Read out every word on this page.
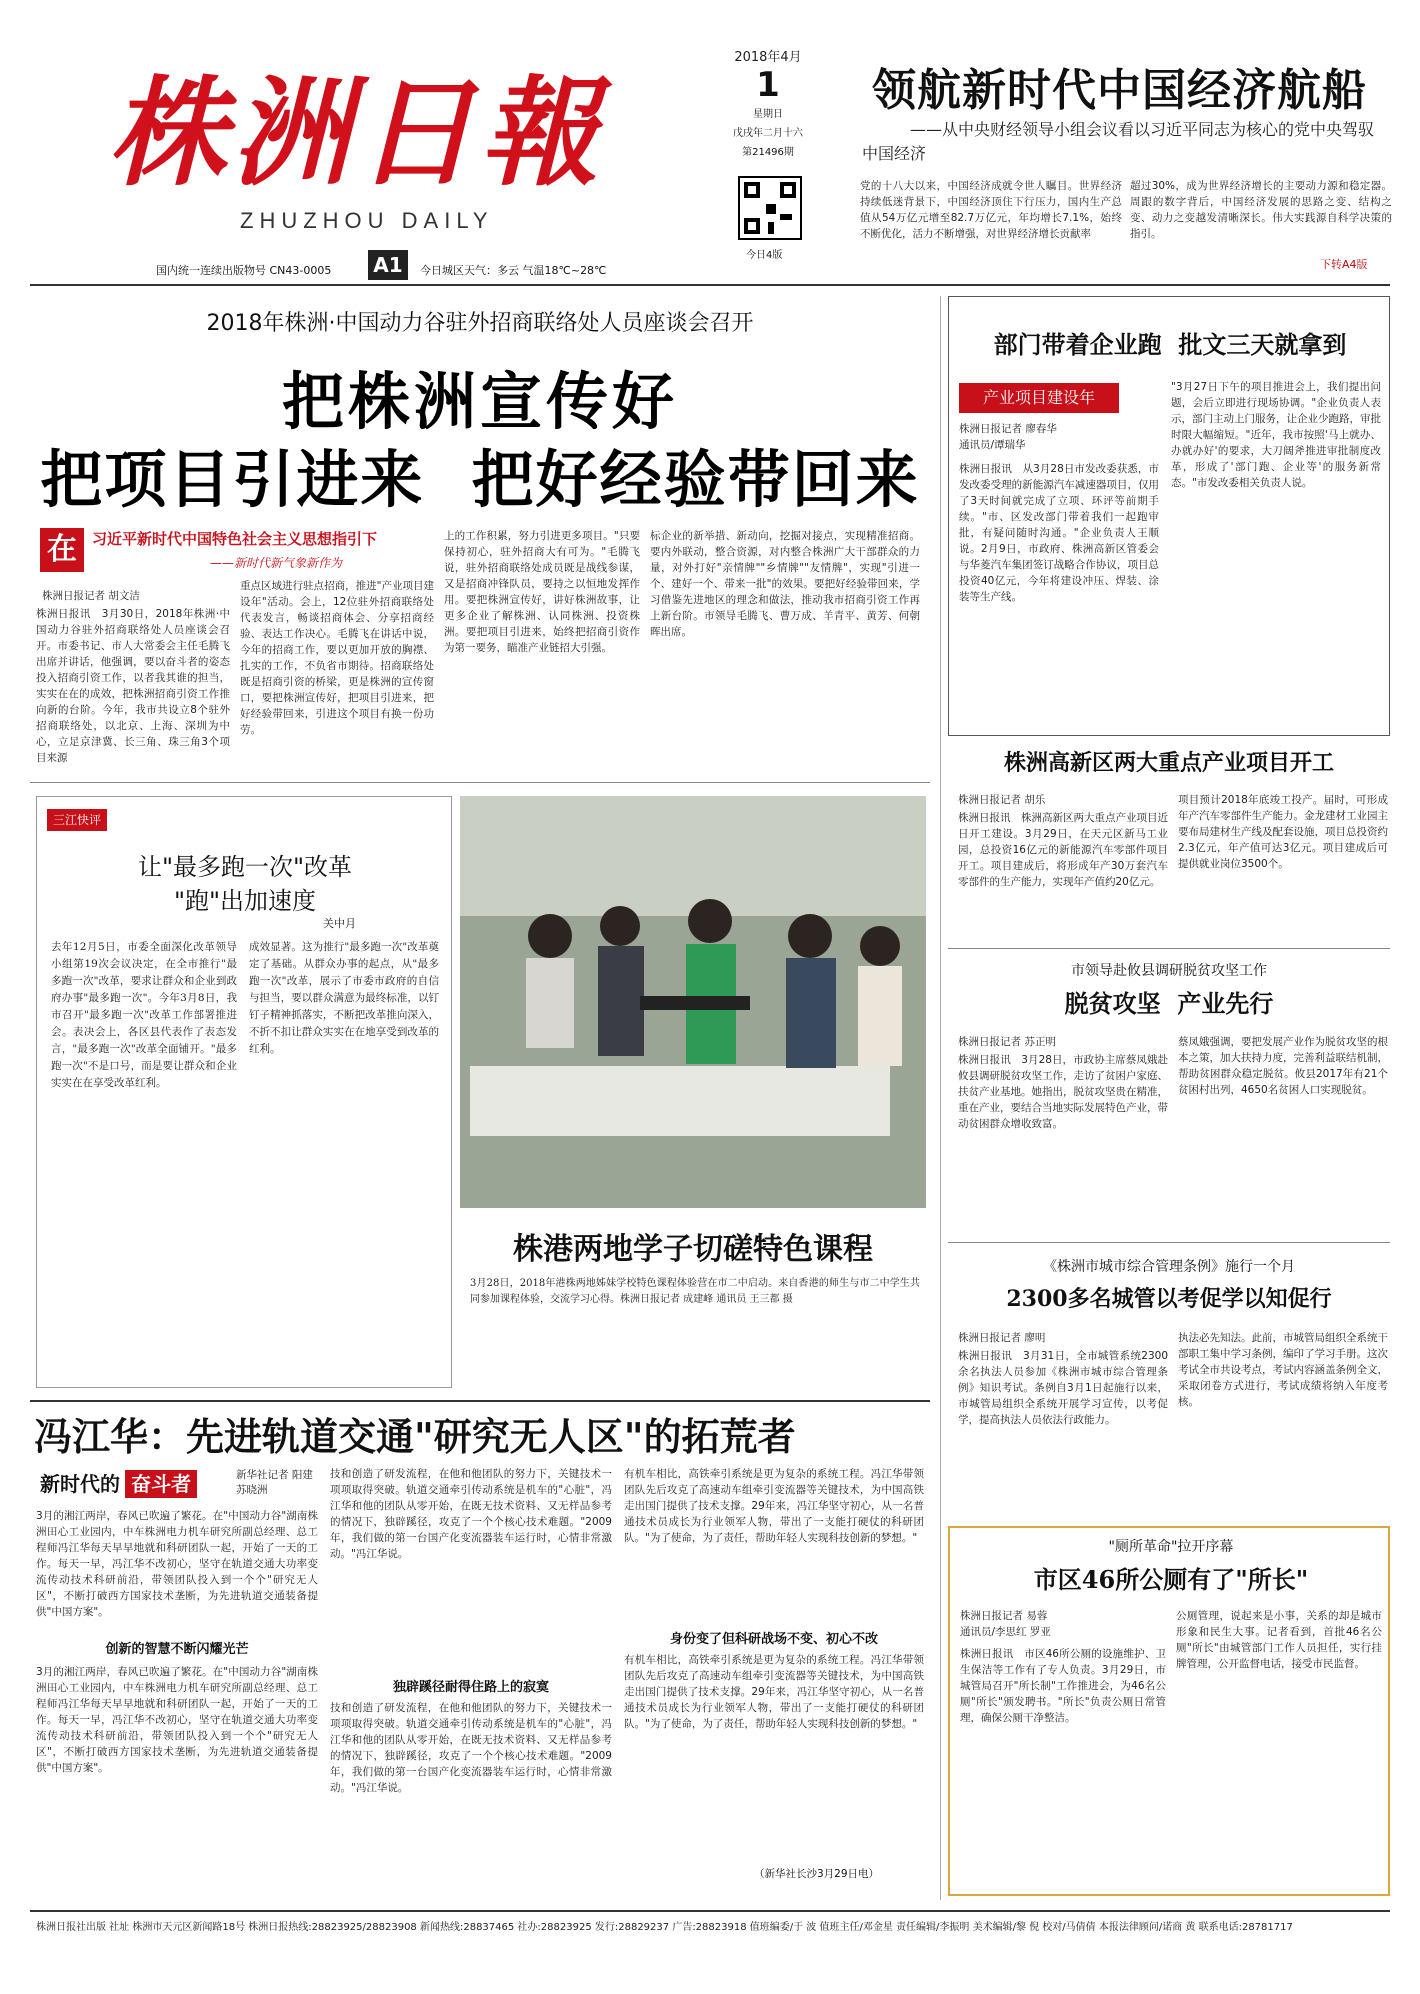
株洲日報
ZHUZHOU DAILY
2018年4月
1
星期日
戊戌年二月十六
第21496期
今日4版
国内统一连续出版物号 CN43-0005 A1	今日城区天气：多云 气温18℃~28℃
领航新时代中国经济航船
——从中央财经领导小组会议看以习近平同志为核心的党中央驾驭中国经济
党的十八大以来，中国经济成就令世人瞩目。世界经济持续低迷背景下，中国经济顶住下行压力，国内生产总值从54万亿元增至82.7万亿元，年均增长7.1%，始终不断优化，活力不断增强，对世界经济增长贡献率
超过30%，成为世界经济增长的主要动力源和稳定器。周跟的数字背后，中国经济发展的思路之变、结构之变、动力之变越发清晰深长。伟大实践源自科学决策的指引。
下转A4版
2018年株洲·中国动力谷驻外招商联络处人员座谈会召开
把株洲宣传好
把项目引进来  把好经验带回来
在	习近平新时代中国特色社会主义思想指引下
——新时代新气象新作为
株洲日报记者 胡文洁
株洲日报讯　3月30日，2018年株洲·中国动力谷驻外招商联络处人员座谈会召开。市委书记、市人大常委会主任毛腾飞出席并讲话，他强调，要以奋斗者的姿态投入招商引资工作，以者我其谁的担当，实实在在的成效，把株洲招商引资工作推向新的台阶。今年，我市共设立8个驻外招商联络处，以北京、上海、深圳为中心，立足京津冀、长三角、珠三角3个项目来源
重点区域进行驻点招商，推进"产业项目建设年"活动。会上，12位驻外招商联络处代表发言，畅谈招商体会、分享招商经验、表达工作决心。毛腾飞在讲话中说，今年的招商工作，要以更加开放的胸襟、扎实的工作，不负省市期待。招商联络处既是招商引资的桥梁，更是株洲的宣传窗口，要把株洲宣传好，把项目引进来，把好经验带回来，引进这个项目有换一份功劳。
上的工作积累，努力引进更多项目。"只要保持初心，驻外招商大有可为。"毛腾飞说，驻外招商联络处成员既是战线参谋，又是招商冲锋队员，要持之以恒地发挥作用。要把株洲宣传好，讲好株洲故事，让更多企业了解株洲、认同株洲、投资株洲。要把项目引进来，始终把招商引资作为第一要务，瞄准产业链招大引强。
标企业的新举措、新动向，挖掘对接点，实现精准招商。要内外联动，整合资源，对内整合株洲广大干部群众的力量，对外打好"亲情牌""乡情牌""友情牌"，实现"引进一个、建好一个、带来一批"的效果。要把好经验带回来，学习借鉴先进地区的理念和做法，推动我市招商引资工作再上新台阶。市领导毛腾飞、曹万成、羊青平、黄芳、何朝晖出席。
三江快评
让"最多跑一次"改革
"跑"出加速度
关中月
去年12月5日，市委全面深化改革领导小组第19次会议决定，在全市推行"最多跑一次"改革，要求让群众和企业到政府办事"最多跑一次"。今年3月8日，我市召开"最多跑一次"改革工作部署推进会。表决会上，各区县代表作了表态发言，"最多跑一次"改革全面铺开。"最多跑一次"不是口号，而是要让群众和企业实实在在享受改革红利。
成效显著。这为推行"最多跑一次"改革奠定了基础。从群众办事的起点，从"最多跑一次"改革，展示了市委市政府的自信与担当，要以群众满意为最终标准，以钉钉子精神抓落实，不断把改革推向深入，不折不扣让群众实实在在地享受到改革的红利。
株港两地学子切磋特色课程
3月28日，2018年港株两地姊妹学校特色课程体验营在市二中启动。来自香港的师生与市二中学生共同参加课程体验，交流学习心得。株洲日报记者 成建峰 通讯员 王三都 摄
冯江华：先进轨道交通"研究无人区"的拓荒者
新时代的 奋斗者	新华社记者 阳建 苏晓洲
3月的湘江两岸，春风已吹遍了繁花。在"中国动力谷"湖南株洲田心工业园内，中车株洲电力机车研究所副总经理、总工程师冯江华每天早早地就和科研团队一起，开始了一天的工作。每天一早，冯江华不改初心，坚守在轨道交通大功率变流传动技术科研前沿，带领团队投入到一个个"研究无人区"，不断打破西方国家技术垄断，为先进轨道交通装备提供"中国方案"。
创新的智慧不断闪耀光芒
3月的湘江两岸，春风已吹遍了繁花。在"中国动力谷"湖南株洲田心工业园内，中车株洲电力机车研究所副总经理、总工程师冯江华每天早早地就和科研团队一起，开始了一天的工作。每天一早，冯江华不改初心，坚守在轨道交通大功率变流传动技术科研前沿，带领团队投入到一个个"研究无人区"，不断打破西方国家技术垄断，为先进轨道交通装备提供"中国方案"。
技和创造了研发流程，在他和他团队的努力下，关键技术一项项取得突破。轨道交通牵引传动系统是机车的"心脏"，冯江华和他的团队从零开始，在既无技术资料、又无样品参考的情况下，独辟蹊径，攻克了一个个核心技术难题。"2009年，我们做的第一台国产化变流器装车运行时，心情非常激动。"冯江华说。
独辟蹊径耐得住路上的寂寞
技和创造了研发流程，在他和他团队的努力下，关键技术一项项取得突破。轨道交通牵引传动系统是机车的"心脏"，冯江华和他的团队从零开始，在既无技术资料、又无样品参考的情况下，独辟蹊径，攻克了一个个核心技术难题。"2009年，我们做的第一台国产化变流器装车运行时，心情非常激动。"冯江华说。
有机车相比，高铁牵引系统是更为复杂的系统工程。冯江华带领团队先后攻克了高速动车组牵引变流器等关键技术，为中国高铁走出国门提供了技术支撑。29年来，冯江华坚守初心，从一名普通技术员成长为行业领军人物，带出了一支能打硬仗的科研团队。"为了使命，为了责任，帮助年轻人实现科技创新的梦想。"
身份变了但科研战场不变、初心不改
有机车相比，高铁牵引系统是更为复杂的系统工程。冯江华带领团队先后攻克了高速动车组牵引变流器等关键技术，为中国高铁走出国门提供了技术支撑。29年来，冯江华坚守初心，从一名普通技术员成长为行业领军人物，带出了一支能打硬仗的科研团队。"为了使命，为了责任，帮助年轻人实现科技创新的梦想。"
（新华社长沙3月29日电）
部门带着企业跑  批文三天就拿到
产业项目建设年
株洲日报记者 廖春华
通讯员/谭瑞华
株洲日报讯　从3月28日市发改委获悉，市发改委受理的新能源汽车减速器项目，仅用了3天时间就完成了立项、环评等前期手续。"市、区发改部门带着我们一起跑审批，有疑问随时沟通。"企业负责人王顺说。2月9日，市政府、株洲高新区管委会与华菱汽车集团签订战略合作协议，项目总投资40亿元，今年将建设冲压、焊装、涂装等生产线。
"3月27日下午的项目推进会上，我们提出问题，会后立即进行现场协调。"企业负责人表示，部门主动上门服务，让企业少跑路，审批时限大幅缩短。"近年，我市按照'马上就办、办就办好'的要求，大刀阔斧推进审批制度改革，形成了'部门跑、企业等'的服务新常态。"市发改委相关负责人说。
株洲高新区两大重点产业项目开工
株洲日报记者 胡乐
株洲日报讯　株洲高新区两大重点产业项目近日开工建设。3月29日，在天元区新马工业园，总投资16亿元的新能源汽车零部件项目开工。项目建成后，将形成年产30万套汽车零部件的生产能力，实现年产值约20亿元。
项目预计2018年底竣工投产。届时，可形成年产汽车零部件生产能力。金龙建材工业园主要布局建材生产线及配套设施，项目总投资约2.3亿元，年产值可达3亿元。项目建成后可提供就业岗位3500个。
市领导赴攸县调研脱贫攻坚工作
脱贫攻坚  产业先行
株洲日报记者 苏正明
株洲日报讯　3月28日，市政协主席蔡凤娥赴攸县调研脱贫攻坚工作，走访了贫困户家庭、扶贫产业基地。她指出，脱贫攻坚贵在精准，重在产业，要结合当地实际发展特色产业，带动贫困群众增收致富。
蔡凤娥强调，要把发展产业作为脱贫攻坚的根本之策，加大扶持力度，完善利益联结机制，帮助贫困群众稳定脱贫。攸县2017年有21个贫困村出列，4650名贫困人口实现脱贫。
《株洲市城市综合管理条例》施行一个月
2300多名城管以考促学以知促行
株洲日报记者 廖明
株洲日报讯　3月31日，全市城管系统2300余名执法人员参加《株洲市城市综合管理条例》知识考试。条例自3月1日起施行以来，市城管局组织全系统开展学习宣传，以考促学，提高执法人员依法行政能力。
执法必先知法。此前，市城管局组织全系统干部职工集中学习条例，编印了学习手册。这次考试全市共设考点，考试内容涵盖条例全文，采取闭卷方式进行，考试成绩将纳入年度考核。
"厕所革命"拉开序幕
市区46所公厕有了"所长"
株洲日报记者 易蓉
通讯员/李思红 罗亚
株洲日报讯　市区46所公厕的设施维护、卫生保洁等工作有了专人负责。3月29日，市城管局召开"所长制"工作推进会，为46名公厕"所长"颁发聘书。"所长"负责公厕日常管理，确保公厕干净整洁。
公厕管理，说起来是小事，关系的却是城市形象和民生大事。记者看到，首批46名公厕"所长"由城管部门工作人员担任，实行挂牌管理，公开监督电话，接受市民监督。
株洲日报社出版 社址 株洲市天元区新闻路18号 株洲日报热线:28823925/28823908 新闻热线:28837465 社办:28823925 发行:28829237 广告:28823918 值班编委/于 波 值班主任/邓金星 责任编辑/李振明 美术编辑/黎 倪 校对/马倩倩 本报法律顾问/诺商 黄 联系电话:28781717
